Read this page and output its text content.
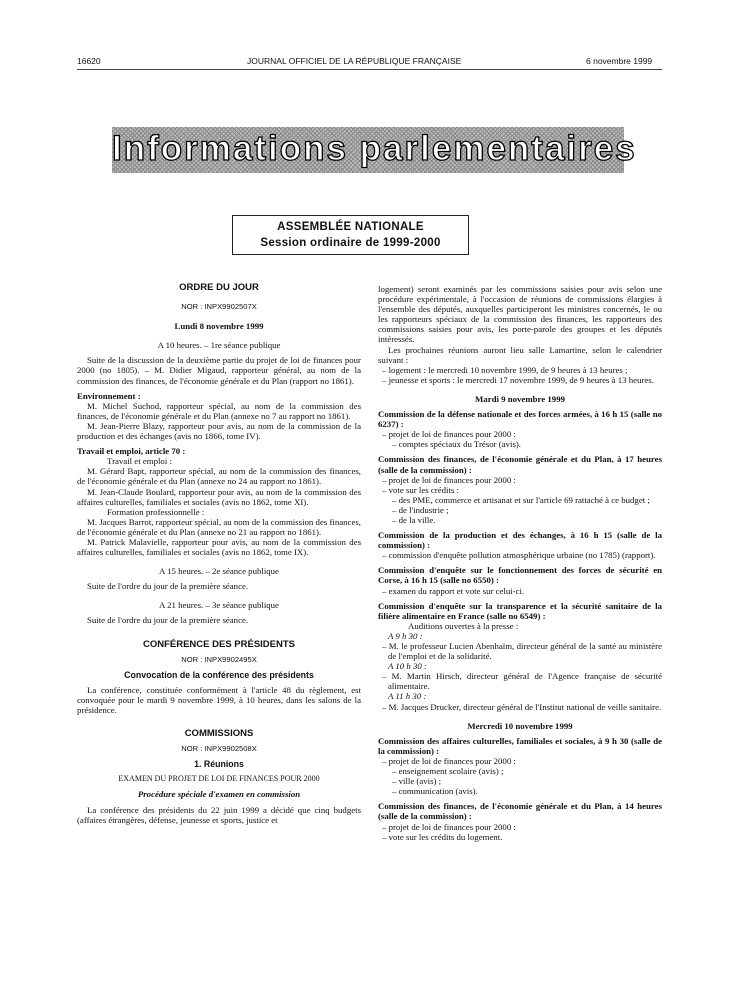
16620	JOURNAL OFFICIEL DE LA RÉPUBLIQUE FRANÇAISE	6 novembre 1999
Informations parlementaires
ASSEMBLÉE NATIONALE
Session ordinaire de 1999-2000

ORDRE DU JOUR

NOR : INPX9902507X

Lundi 8 novembre 1999

A 10 heures. – 1re séance publique

Suite de la discussion de la deuxième partie du projet de loi de finances pour 2000 (no 1805). – M. Didier Migaud, rapporteur général, au nom de la commission des finances, de l'économie générale et du Plan (rapport no 1861).

Environnement :

M. Michel Suchod, rapporteur spécial, au nom de la commission des finances, de l'économie générale et du Plan (annexe no 7 au rapport no 1861).

M. Jean-Pierre Blazy, rapporteur pour avis, au nom de la commission de la production et des échanges (avis no 1866, tome IV).

Travail et emploi, article 70 :

Travail et emploi :

M. Gérard Bapt, rapporteur spécial, au nom de la commission des finances, de l'économie générale et du Plan (annexe no 24 au rapport no 1861).

M. Jean-Claude Boulard, rapporteur pour avis, au nom de la commission des affaires culturelles, familiales et sociales (avis no 1862, tome XI).

Formation professionnelle :

M. Jacques Barrot, rapporteur spécial, au nom de la commission des finances, de l'économie générale et du Plan (annexe no 21 au rapport no 1861).

M. Patrick Malavielle, rapporteur pour avis, au nom de la commission des affaires culturelles, familiales et sociales (avis no 1862, tome IX).

A 15 heures. – 2e séance publique

Suite de l'ordre du jour de la première séance.

A 21 heures. – 3e séance publique

Suite de l'ordre du jour de la première séance.

CONFÉRENCE DES PRÉSIDENTS

NOR : INPX9902495X

Convocation de la conférence des présidents

La conférence, constituée conformément à l'article 48 du règlement, est convoquée pour le mardi 9 novembre 1999, à 10 heures, dans les salons de la présidence.

COMMISSIONS

NOR : INPX9902508X

1. Réunions

EXAMEN DU PROJET DE LOI DE FINANCES POUR 2000

Procédure spéciale d'examen en commission

La conférence des présidents du 22 juin 1999 a décidé que cinq budgets (affaires étrangères, défense, jeunesse et sports, justice et

logement) seront examinés par les commissions saisies pour avis selon une procédure expérimentale, à l'occasion de réunions de commissions élargies à l'ensemble des députés, auxquelles participeront les ministres concernés, le ou les rapporteurs spéciaux de la commission des finances, les rapporteurs des commissions saisies pour avis, les porte-parole des groupes et les députés intéressés.

Les prochaines réunions auront lieu salle Lamartine, selon le calendrier suivant :

– logement : le mercredi 10 novembre 1999, de 9 heures à 13 heures ;

– jeunesse et sports : le mercredi 17 novembre 1999, de 9 heures à 13 heures.

Mardi 9 novembre 1999

Commission de la défense nationale et des forces armées, à 16 h 15 (salle no 6237) :

– projet de loi de finances pour 2000 :

– comptes spéciaux du Trésor (avis).

Commission des finances, de l'économie générale et du Plan, à 17 heures (salle de la commission) :

– projet de loi de finances pour 2000 :

– vote sur les crédits :

– des PME, commerce et artisanat et sur l'article 69 rattaché à ce budget ;

– de l'industrie ;

– de la ville.

Commission de la production et des échanges, à 16 h 15 (salle de la commission) :

– commission d'enquête pollution atmosphérique urbaine (no 1785) (rapport).

Commission d'enquête sur le fonctionnement des forces de sécurité en Corse, à 16 h 15 (salle no 6550) :

– examen du rapport et vote sur celui-ci.

Commission d'enquête sur la transparence et la sécurité sanitaire de la filière alimentaire en France (salle no 6549) :

Auditions ouvertes à la presse :

A 9 h 30 :

– M. le professeur Lucien Abenhaïm, directeur général de la santé au ministère de l'emploi et de la solidarité.

A 10 h 30 :

– M. Martin Hirsch, directeur général de l'Agence française de sécurité alimentaire.

A 11 h 30 :

– M. Jacques Drucker, directeur général de l'Institut national de veille sanitaire.

Mercredi 10 novembre 1999

Commission des affaires culturelles, familiales et sociales, à 9 h 30 (salle de la commission) :

– projet de loi de finances pour 2000 :

– enseignement scolaire (avis) ;

– ville (avis) ;

– communication (avis).

Commission des finances, de l'économie générale et du Plan, à 14 heures (salle de la commission) :

– projet de loi de finances pour 2000 :

– vote sur les crédits du logement.
